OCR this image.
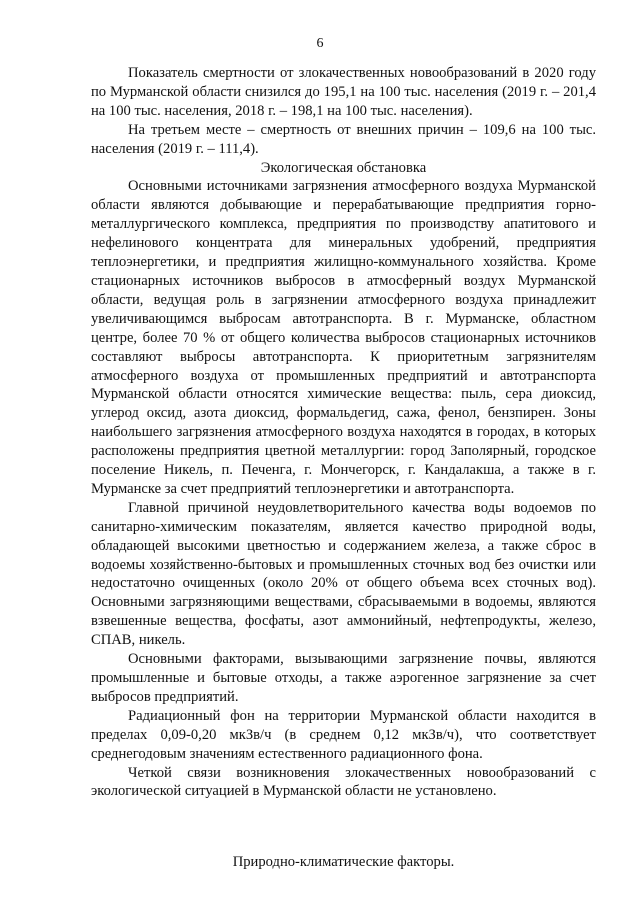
6

Показатель смертности от злокачественных новообразований в 2020 году по Мурманской области снизился до 195,1 на 100 тыс. населения (2019 г. – 201,4 на 100 тыс. населения, 2018 г. – 198,1 на 100 тыс. населения).

На третьем месте – смертность от внешних причин – 109,6 на 100 тыс. населения (2019 г. – 111,4).

Экологическая обстановка

Основными источниками загрязнения атмосферного воздуха Мурманской области являются добывающие и перерабатывающие предприятия горно-металлургического комплекса, предприятия по производству апатитового и нефелинового концентрата для минеральных удобрений, предприятия теплоэнергетики, и предприятия жилищно-коммунального хозяйства. Кроме стационарных источников выбросов в атмосферный воздух Мурманской области, ведущая роль в загрязнении атмосферного воздуха принадлежит увеличивающимся выбросам автотранспорта. В г. Мурманске, областном центре, более 70 % от общего количества выбросов стационарных источников составляют выбросы автотранспорта. К приоритетным загрязнителям атмосферного воздуха от промышленных предприятий и автотранспорта Мурманской области относятся химические вещества: пыль, сера диоксид, углерод оксид, азота диоксид, формальдегид, сажа, фенол, бензпирен. Зоны наибольшего загрязнения атмосферного воздуха находятся в городах, в которых расположены предприятия цветной металлургии: город Заполярный, городское поселение Никель, п. Печенга, г. Мончегорск, г. Кандалакша, а также в г. Мурманске за счет предприятий теплоэнергетики и автотранспорта.

Главной причиной неудовлетворительного качества воды водоемов по санитарно-химическим показателям, является качество природной воды, обладающей высокими цветностью и содержанием железа, а также сброс в водоемы хозяйственно-бытовых и промышленных сточных вод без очистки или недостаточно очищенных (около 20% от общего объема всех сточных вод). Основными загрязняющими веществами, сбрасываемыми в водоемы, являются взвешенные вещества, фосфаты, азот аммонийный, нефтепродукты, железо, СПАВ, никель.

Основными факторами, вызывающими загрязнение почвы, являются промышленные и бытовые отходы, а также аэрогенное загрязнение за счет выбросов предприятий.

Радиационный фон на территории Мурманской области находится в пределах 0,09-0,20 мкЗв/ч (в среднем 0,12 мкЗв/ч), что соответствует среднегодовым значениям естественного радиационного фона.

Четкой связи возникновения злокачественных новообразований с экологической ситуацией в Мурманской области не установлено.

Природно-климатические факторы.
